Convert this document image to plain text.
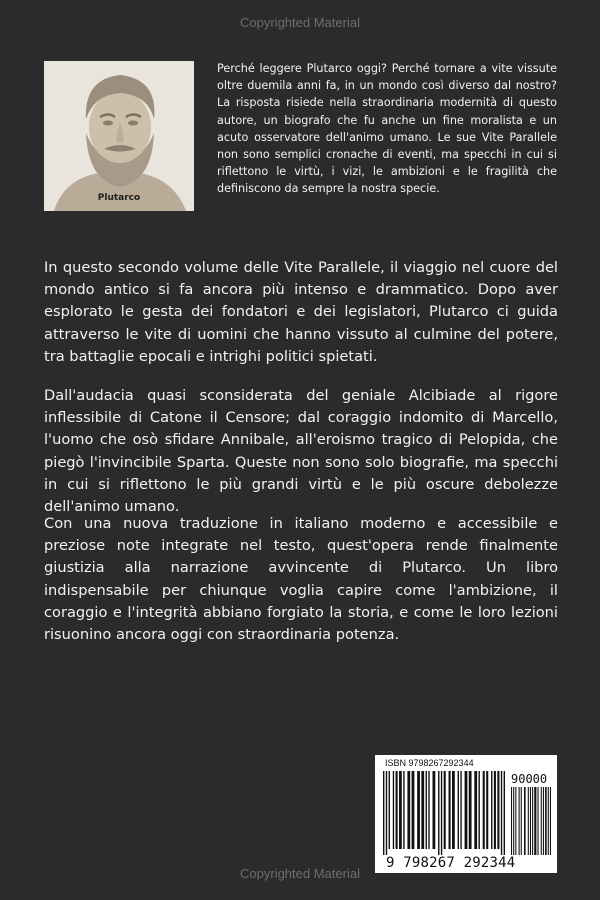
Copyrighted Material
Plutarco

Perché leggere Plutarco oggi? Perché tornare a vite vissute oltre duemila anni fa, in un mondo così diverso dal nostro? La risposta risiede nella straordinaria modernità di questo autore, un biografo che fu anche un fine moralista e un acuto osservatore dell'animo umano. Le sue Vite Parallele non sono semplici cronache di eventi, ma specchi in cui si riflettono le virtù, i vizi, le ambizioni e le fragilità che definiscono da sempre la nostra specie.

In questo secondo volume delle Vite Parallele, il viaggio nel cuore del mondo antico si fa ancora più intenso e drammatico. Dopo aver esplorato le gesta dei fondatori e dei legislatori, Plutarco ci guida attraverso le vite di uomini che hanno vissuto al culmine del potere, tra battaglie epocali e intrighi politici spietati.

Dall'audacia quasi sconsiderata del geniale Alcibiade al rigore inflessibile di Catone il Censore; dal coraggio indomito di Marcello, l'uomo che osò sfidare Annibale, all'eroismo tragico di Pelopida, che piegò l'invincibile Sparta. Queste non sono solo biografie, ma specchi in cui si riflettono le più grandi virtù e le più oscure debolezze dell'animo umano.

Con una nuova traduzione in italiano moderno e accessibile e preziose note integrate nel testo, quest'opera rende finalmente giustizia alla narrazione avvincente di Plutarco. Un libro indispensabile per chiunque voglia capire come l'ambizione, il coraggio e l'integrità abbiano forgiato la storia, e come le loro lezioni risuonino ancora oggi con straordinaria potenza.

ISBN 9798267292344
90000
9 798267 292344
Copyrighted Material
